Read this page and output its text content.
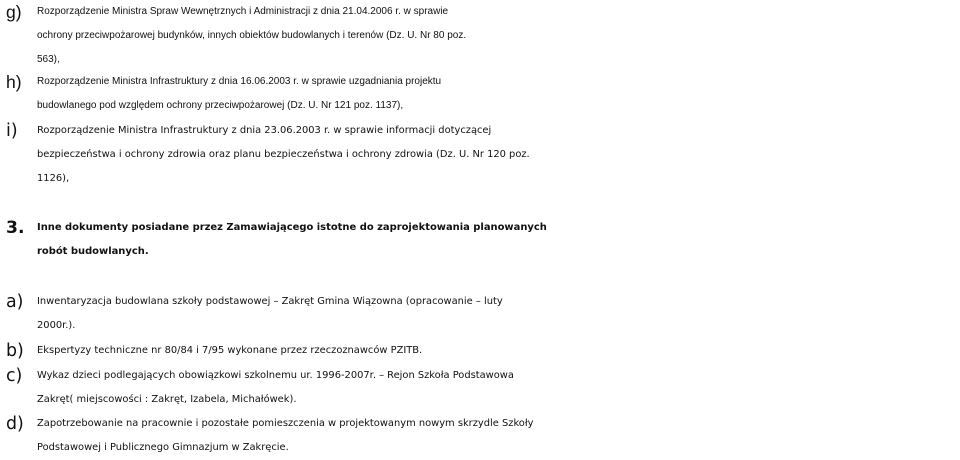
g) Rozporządzenie Ministra Spraw Wewnętrznych i Administracji z dnia 21.04.2006 r. w sprawie
ochrony przeciwpożarowej budynków, innych obiektów budowlanych i terenów (Dz. U. Nr 80 poz.
563),
h) Rozporządzenie Ministra Infrastruktury z dnia 16.06.2003 r. w sprawie uzgadniania projektu
budowlanego pod względem ochrony przeciwpożarowej (Dz. U. Nr 121 poz. 1137),
i) Rozporządzenie Ministra Infrastruktury z dnia 23.06.2003 r. w sprawie informacji dotyczącej
bezpieczeństwa i ochrony zdrowia oraz planu bezpieczeństwa i ochrony zdrowia (Dz. U. Nr 120 poz.
1126),
3. Inne dokumenty posiadane przez Zamawiającego istotne do zaprojektowania planowanych
robót budowlanych.
a) Inwentaryzacja budowlana szkoły podstawowej – Zakręt Gmina Wiązowna (opracowanie – luty
2000r.).
b) Ekspertyzy techniczne nr 80/84 i 7/95 wykonane przez rzeczoznawców PZITB.
c) Wykaz dzieci podlegających obowiązkowi szkolnemu ur. 1996-2007r. – Rejon Szkoła Podstawowa
Zakręt( miejscowości : Zakręt, Izabela, Michałówek).
d) Zapotrzebowanie na pracownie i pozostałe pomieszczenia w projektowanym nowym skrzydle Szkoły
Podstawowej i Publicznego Gimnazjum w Zakręcie.
